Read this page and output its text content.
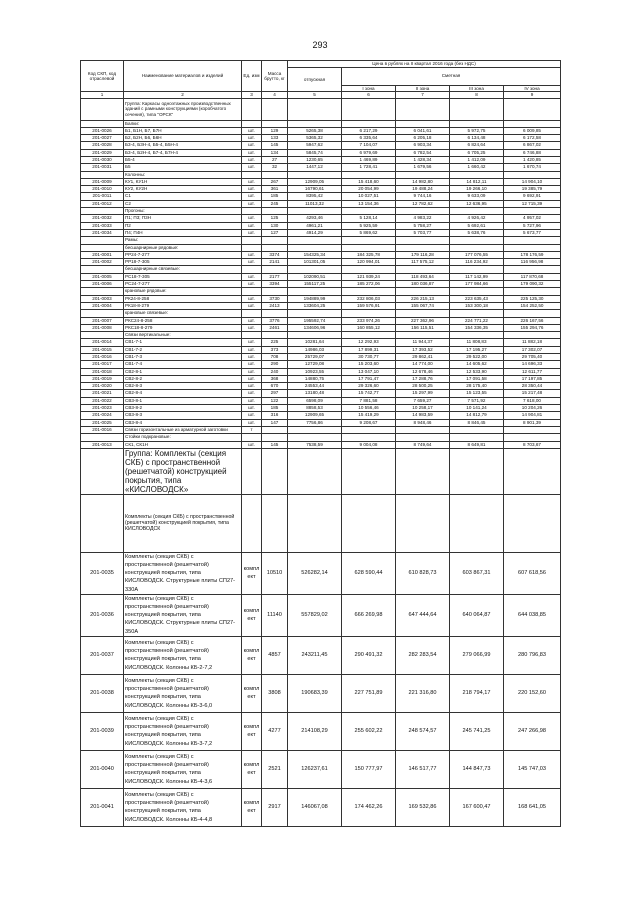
293
Код СКП, код отраслевой	Наименование материалов и изделий	Ед. изм	Масса брутто, кг	Цена в рублях на II квартал 2016 года (без НДС)				
				отпускная	Сметная			
					I зона	II зона	III зона	IV зона
1	2	3	4	5	6	7	8	9
	Группа: Каркасы одноэтажных производственных зданий с рамными конструкциями (коробчатого сечения), типа "ОРСК"							
	Балки:							
201-0026	Б1, Б1Н, Б7, Б7Н	шт.	129	5265,38	6 217,29	6 041,61	5 972,75	6 009,85
201-0027	Б2, Б2Н, Б6, Б6Н	шт.	133	5365,32	6 335,64	6 205,18	6 134,48	6 172,58
201-0028	Б3-4, Б3Н-4, Б5-4, Б5Н-4	шт.	145	5947,62	7 104,07	6 903,34	6 824,64	6 867,02
201-0029	Б3-4, Б2Н-4, Б7-4, Б7Н-4	шт.	134	5845,74	6 979,69	6 782,54	6 705,25	6 746,88
201-0030	Б5-4	шт.	27	1230,65	1 469,89	1 428,34	1 412,09	1 420,85
201-0031	Б5	шт.	32	1447,12	1 728,41	1 679,56	1 660,42	1 670,74
	Колонны:							
201-0009	КУ1, КУ1Н	шт.	267	12909,05	15 418,60	14 982,80	14 812,11	14 904,10
201-0010	КУ2, КУ2Н	шт.	361	16790,61	20 054,99	19 488,24	19 266,10	19 385,79
201-0011	С1	шт.	185	8395,42	10 027,51	9 744,16	9 633,09	9 692,91
201-0012	С2	шт.	245	11013,32	13 154,36	12 782,62	12 636,95	12 715,39
	Прогоны:							
201-0032	П1; П3; П3Н	шт.	125	4293,46	5 128,14	4 983,22	4 926,42	4 957,02
201-0033	П2	шт.	130	4961,21	5 925,59	5 758,27	5 692,61	5 727,96
201-0034	П4; П4Н	шт.	127	4914,29	5 869,62	5 703,77	5 638,76	5 673,77
	Рамы:							
	бесшарнирные рядовые:							
201-0001	РР24-7-277	шт.	3374	154325,34	184 325,78	179 116,28	177 076,55	178 176,59
201-0002	РР18-7-305	шт.	2141	101301,05	120 994,01	117 575,12	116 234,92	116 956,98
	бесшарнирные связевые:							
201-0005	РС18-7-305	шт.	2177	102090,51	121 939,24	118 493,64	117 142,99	117 870,68
201-0006	РС24-7-277	шт.	3394	155117,25	185 272,06	180 036,87	177 984,66	179 090,32
	крановые рядовые:							
201-0003	РК24-8-258	шт.	3730	194889,99	232 806,03	226 215,13	223 635,43	225 125,30
201-0004	РК18-8-279	шт.	2413	133604,25	159 576,91	155 067,74	153 300,18	154 252,50
	крановые связевые:							
201-0007	РКС24-8-258	шт.	3776	195592,74	233 974,26	227 362,96	224 771,22	226 167,56
201-0008	РКС18-8-279	шт.	2461	134606,96	160 855,12	156 115,51	154 336,35	155 294,76
	Связи вертикальные:							
201-0014	СВ1-7-1	шт.	225	10281,64	12 292,93	11 944,37	11 808,83	11 882,18
201-0015	СВ1-7-2	шт.	373	14986,03	17 899,31	17 393,52	17 195,27	17 302,07
201-0016	СВ1-7-3	шт.	708	25729,07	30 730,77	29 862,41	29 522,00	29 705,40
201-0017	СВ1-7-4	шт.	290	12729,08	15 203,60	14 774,00	14 605,62	14 696,33
201-0018	СВ2-8-1	шт.	240	10923,55	13 047,10	12 678,46	12 533,90	12 611,77
201-0019	СВ2-8-2	шт.	368	14880,75	17 791,47	17 288,76	17 091,58	17 197,85
201-0020	СВ2-8-3	шт.	670	24553,44	29 326,60	28 500,25	28 175,40	28 350,44
201-0021	СВ2-8-4	шт.	297	13180,48	15 742,77	15 297,99	15 123,55	15 217,48
201-0022	СВ3-8-1	шт.	122	6598,09	7 881,58	7 659,27	7 571,92	7 618,00
201-0023	СВ3-8-2	шт.	185	8858,53	10 556,46	10 258,17	10 141,24	10 204,26
201-0024	СВ3-8-3	шт.	316	12909,65	15 419,29	14 983,59	14 812,79	14 904,81
201-0025	СВ3-8-4	шт.	147	7756,86	9 208,67	8 948,46	8 846,45	8 901,39
201-0016	Связи горизонтальные из арматурной заготовки	т						
	Стойки подкрановые:							
201-0013	СК1, СК1Н	шт.	145	7538,59	9 004,08	8 749,64	8 649,81	8 703,67
	Группа: Комплекты (секция СКБ) с пространственной (решетчатой) конструкцией покрытия, типа «КИСЛОВОДСК»							
	Комплекты (секция СКБ) с пространственной (решетчатой) конструкцией покрытия, типа КИСЛОВОДСК							
201-0035	Комплекты (секция СКБ) с пространственной (решетчатой) конструкцией покрытия, типа КИСЛОВОДСК. Структурные плиты СП27-330А	компл ект	10510	526282,14	628 590,44	610 828,73	603 867,31	607 618,56
201-0036	Комплекты (секция СКБ) с пространственной (решетчатой) конструкцией покрытия, типа КИСЛОВОДСК. Структурные плиты СП27-350А	компл ект	11140	557829,02	666 269,98	647 444,64	640 064,87	644 038,85
201-0037	Комплекты (секция СКБ) с пространственной (решетчатой) конструкцией покрытия, типа КИСЛОВОДСК. Колонны КБ-2-7,2	компл ект	4857	243211,45	290 491,32	282 283,54	279 066,99	280 796,83
201-0038	Комплекты (секция СКБ) с пространственной (решетчатой) конструкцией покрытия, типа КИСЛОВОДСК. Колонны КБ-3-6,0	компл ект	3808	190683,39	227 751,89	221 316,80	218 794,17	220 152,60
201-0039	Комплекты (секция СКБ) с пространственной (решетчатой) конструкцией покрытия, типа КИСЛОВОДСК. Колонны КБ-3-7,2	компл ект	4277	214108,29	255 602,22	248 574,57	245 741,25	247 266,98
201-0040	Комплекты (секция СКБ) с пространственной (решетчатой) конструкцией покрытия, типа КИСЛОВОДСК. Колонны КБ-4-3,6	компл ект	2521	126237,61	150 777,97	146 517,77	144 847,73	145 747,03
201-0041	Комплекты (секция СКБ) с пространственной (решетчатой) конструкцией покрытия, типа КИСЛОВОДСК. Колонны КБ-4-4,8	компл ект	2917	146067,08	174 462,26	169 532,86	167 600,47	168 641,05
